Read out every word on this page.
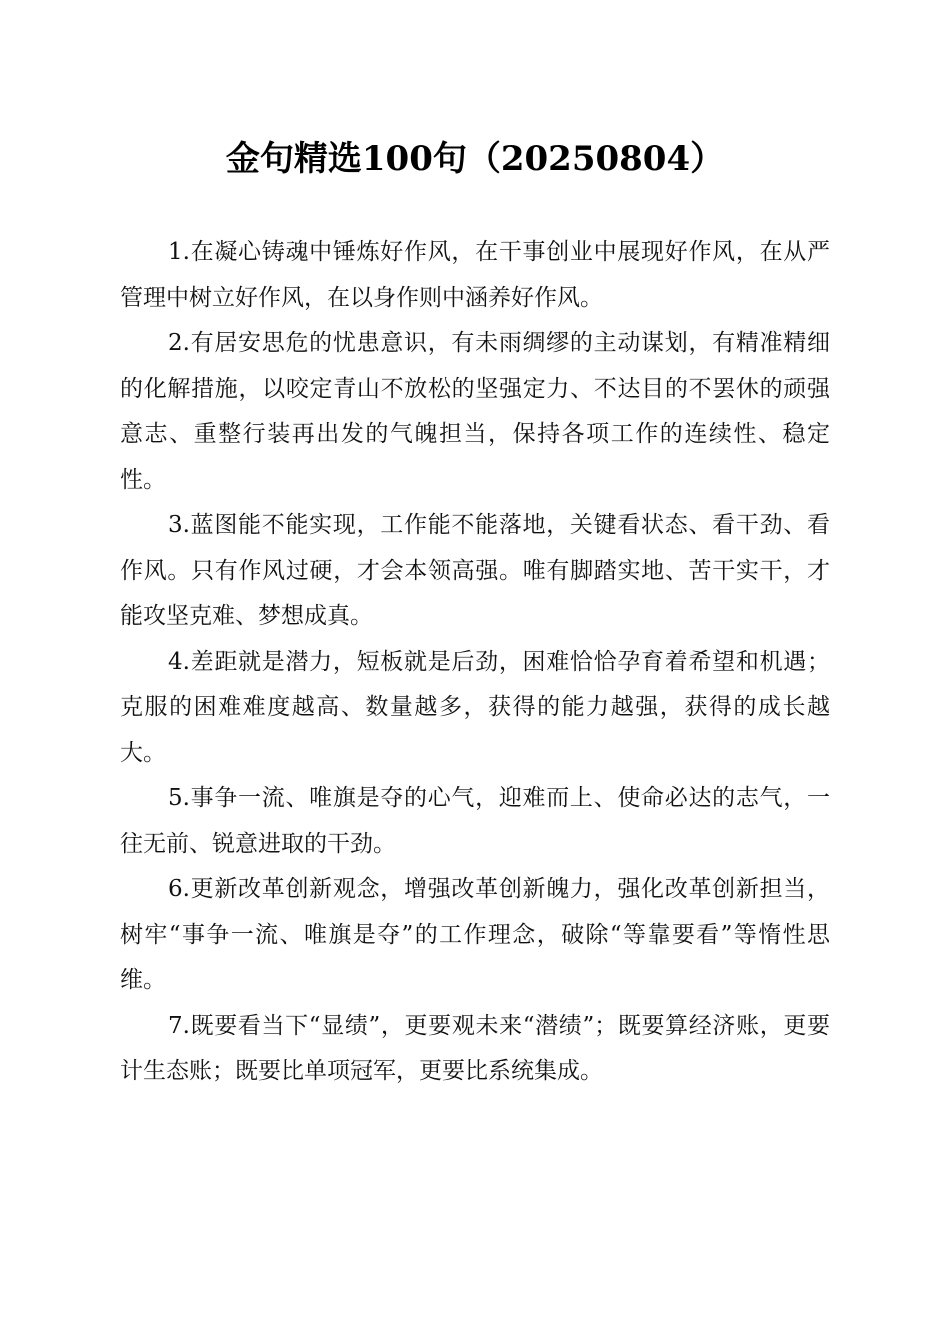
金句精选100句（20250804）

1.在凝心铸魂中锤炼好作风，在干事创业中展现好作风，在从严管理中树立好作风，在以身作则中涵养好作风。

2.有居安思危的忧患意识，有未雨绸缪的主动谋划，有精准精细的化解措施，以咬定青山不放松的坚强定力、不达目的不罢休的顽强意志、重整行装再出发的气魄担当，保持各项工作的连续性、稳定性。

3.蓝图能不能实现，工作能不能落地，关键看状态、看干劲、看作风。只有作风过硬，才会本领高强。唯有脚踏实地、苦干实干，才能攻坚克难、梦想成真。

4.差距就是潜力，短板就是后劲，困难恰恰孕育着希望和机遇；克服的困难难度越高、数量越多，获得的能力越强，获得的成长越大。

5.事争一流、唯旗是夺的心气，迎难而上、使命必达的志气，一往无前、锐意进取的干劲。

6.更新改革创新观念，增强改革创新魄力，强化改革创新担当，树牢“事争一流、唯旗是夺”的工作理念，破除“等靠要看”等惰性思维。

7.既要看当下“显绩”，更要观未来“潜绩”；既要算经济账，更要计生态账；既要比单项冠军，更要比系统集成。
